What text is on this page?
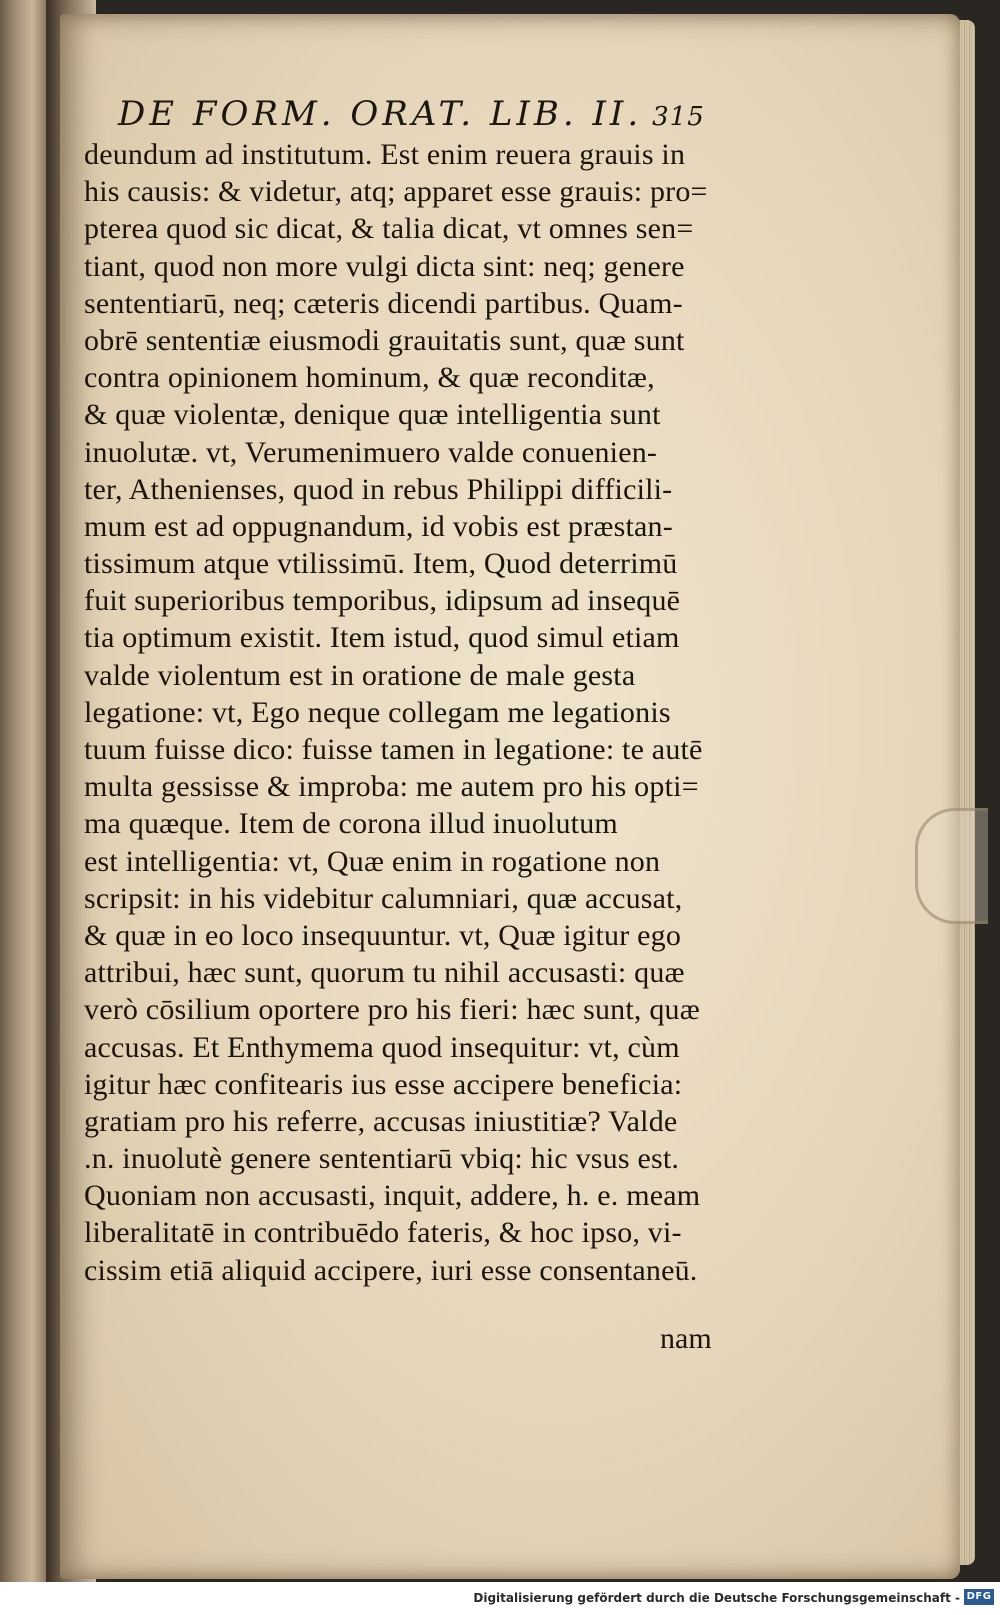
DE FORM. ORAT. LIB. II. 315
deundum ad institutum. Est enim reuera grauis in
his causis: & videtur, atq; apparet esse grauis: pro=
pterea quod sic dicat, & talia dicat, vt omnes sen=
tiant, quod non more vulgi dicta sint: neq; genere
sententiarū, neq; cæteris dicendi partibus. Quam-
obrē sententiæ eiusmodi grauitatis sunt, quæ sunt
contra opinionem hominum, & quæ reconditæ,
& quæ violentæ, denique quæ intelligentia sunt
inuolutæ. vt, Verumenimuero valde conuenien-
ter, Athenienses, quod in rebus Philippi difficili-
mum est ad oppugnandum, id vobis est præstan-
tissimum atque vtilissimū. Item, Quod deterrimū
fuit superioribus temporibus, idipsum ad insequē
tia optimum existit. Item istud, quod simul etiam
valde violentum est in oratione de male gesta
legatione: vt, Ego neque collegam me legationis
tuum fuisse dico: fuisse tamen in legatione: te autē
multa gessisse & improba: me autem pro his opti=
ma quæque. Item de corona illud inuolutum
est intelligentia: vt, Quæ enim in rogatione non
scripsit: in his videbitur calumniari, quæ accusat,
& quæ in eo loco insequuntur. vt, Quæ igitur ego
attribui, hæc sunt, quorum tu nihil accusasti: quæ
verò cōsilium oportere pro his fieri: hæc sunt, quæ
accusas. Et Enthymema quod insequitur: vt, cùm
igitur hæc confitearis ius esse accipere beneficia:
gratiam pro his referre, accusas iniustitiæ? Valde
.n. inuolutè genere sententiarū vbiq: hic vsus est.
Quoniam non accusasti, inquit, addere, h. e. meam
liberalitatē in contribuēdo fateris, & hoc ipso, vi-
cissim etiā aliquid accipere, iuri esse consentaneū.
nam
Digitalisierung gefördert durch die Deutsche Forschungsgemeinschaft - DFG
